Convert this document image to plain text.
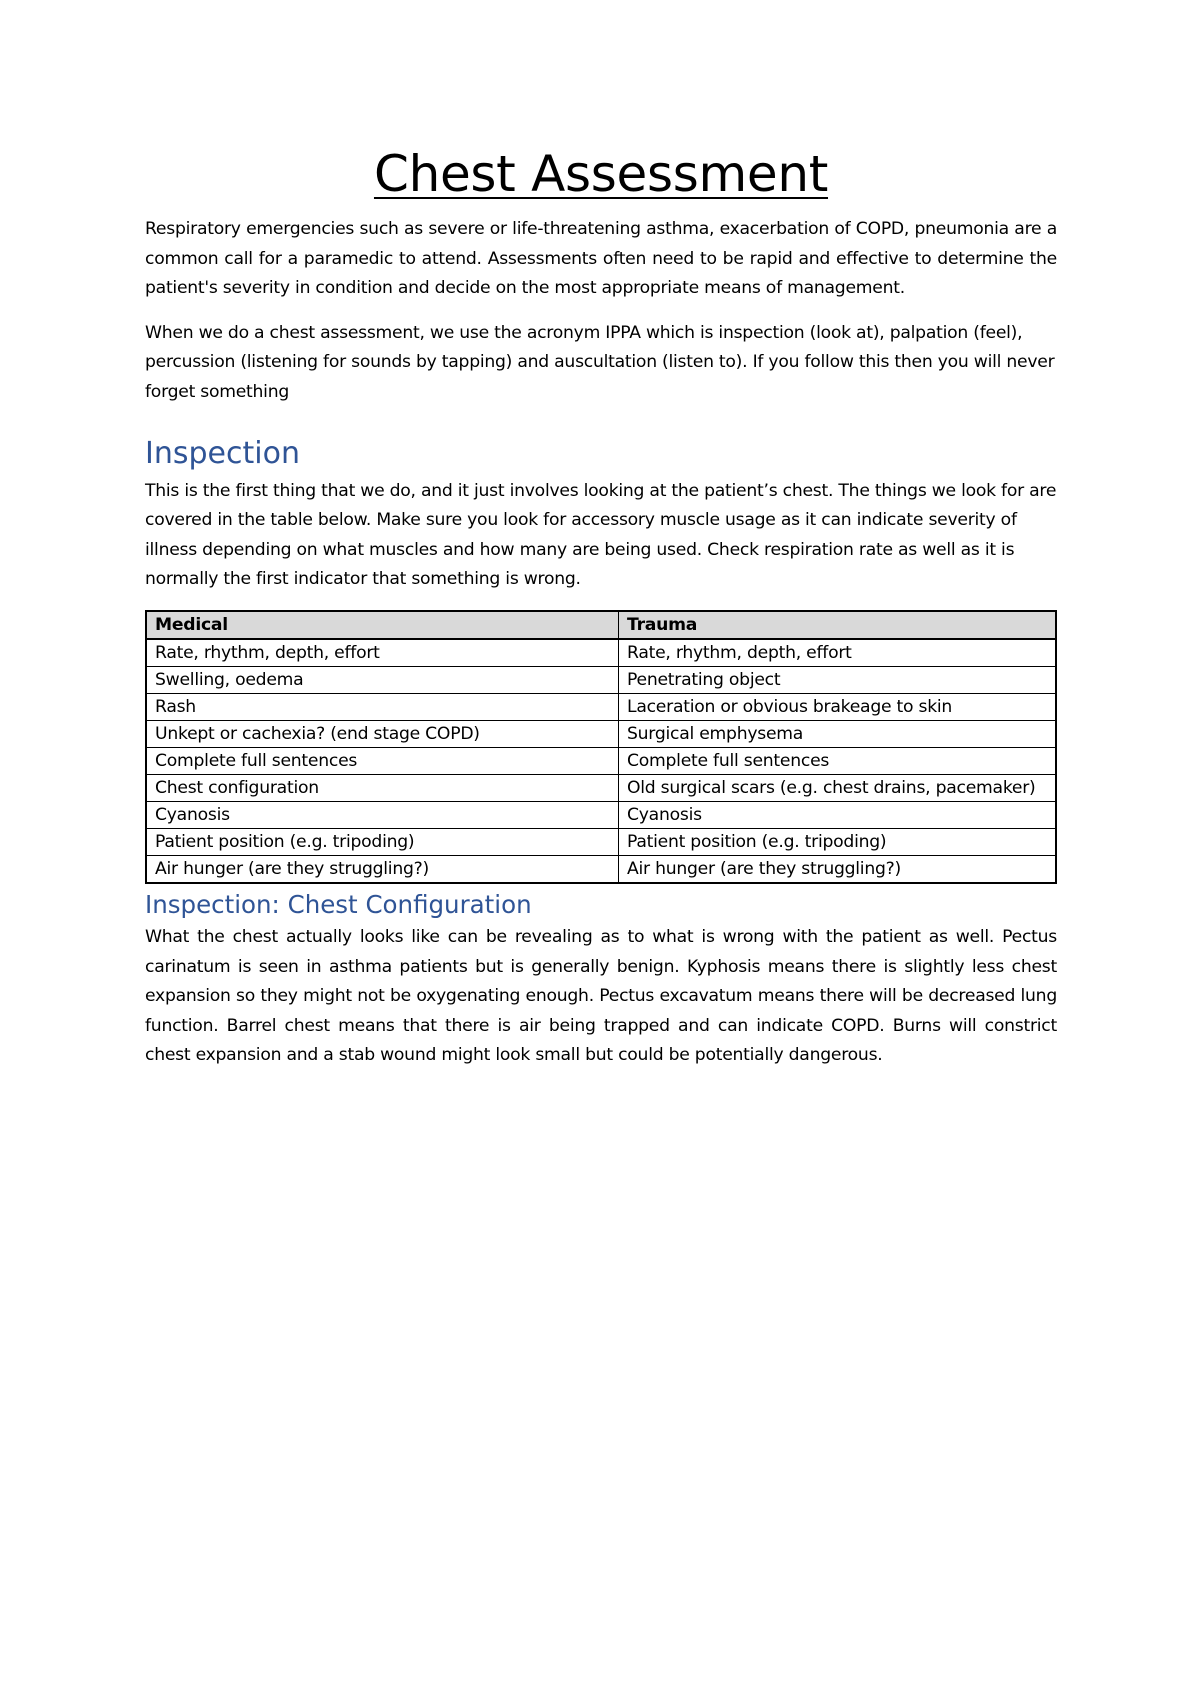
Chest Assessment

Respiratory emergencies such as severe or life-threatening asthma, exacerbation of COPD, pneumonia are a common call for a paramedic to attend. Assessments often need to be rapid and effective to determine the patient's severity in condition and decide on the most appropriate means of management.

When we do a chest assessment, we use the acronym IPPA which is inspection (look at), palpation (feel), percussion (listening for sounds by tapping) and auscultation (listen to). If you follow this then you will never forget something

Inspection

This is the first thing that we do, and it just involves looking at the patient’s chest. The things we look for are covered in the table below. Make sure you look for accessory muscle usage as it can indicate severity of illness depending on what muscles and how many are being used. Check respiration rate as well as it is normally the first indicator that something is wrong.

Medical	Trauma
Rate, rhythm, depth, effort	Rate, rhythm, depth, effort
Swelling, oedema	Penetrating object
Rash	Laceration or obvious brakeage to skin
Unkept or cachexia? (end stage COPD)	Surgical emphysema
Complete full sentences	Complete full sentences
Chest configuration	Old surgical scars (e.g. chest drains, pacemaker)
Cyanosis	Cyanosis
Patient position (e.g. tripoding)	Patient position (e.g. tripoding)
Air hunger (are they struggling?)	Air hunger (are they struggling?)
Inspection: Chest Configuration

What the chest actually looks like can be revealing as to what is wrong with the patient as well. Pectus carinatum is seen in asthma patients but is generally benign. Kyphosis means there is slightly less chest expansion so they might not be oxygenating enough. Pectus excavatum means there will be decreased lung function. Barrel chest means that there is air being trapped and can indicate COPD. Burns will constrict chest expansion and a stab wound might look small but could be potentially dangerous.
